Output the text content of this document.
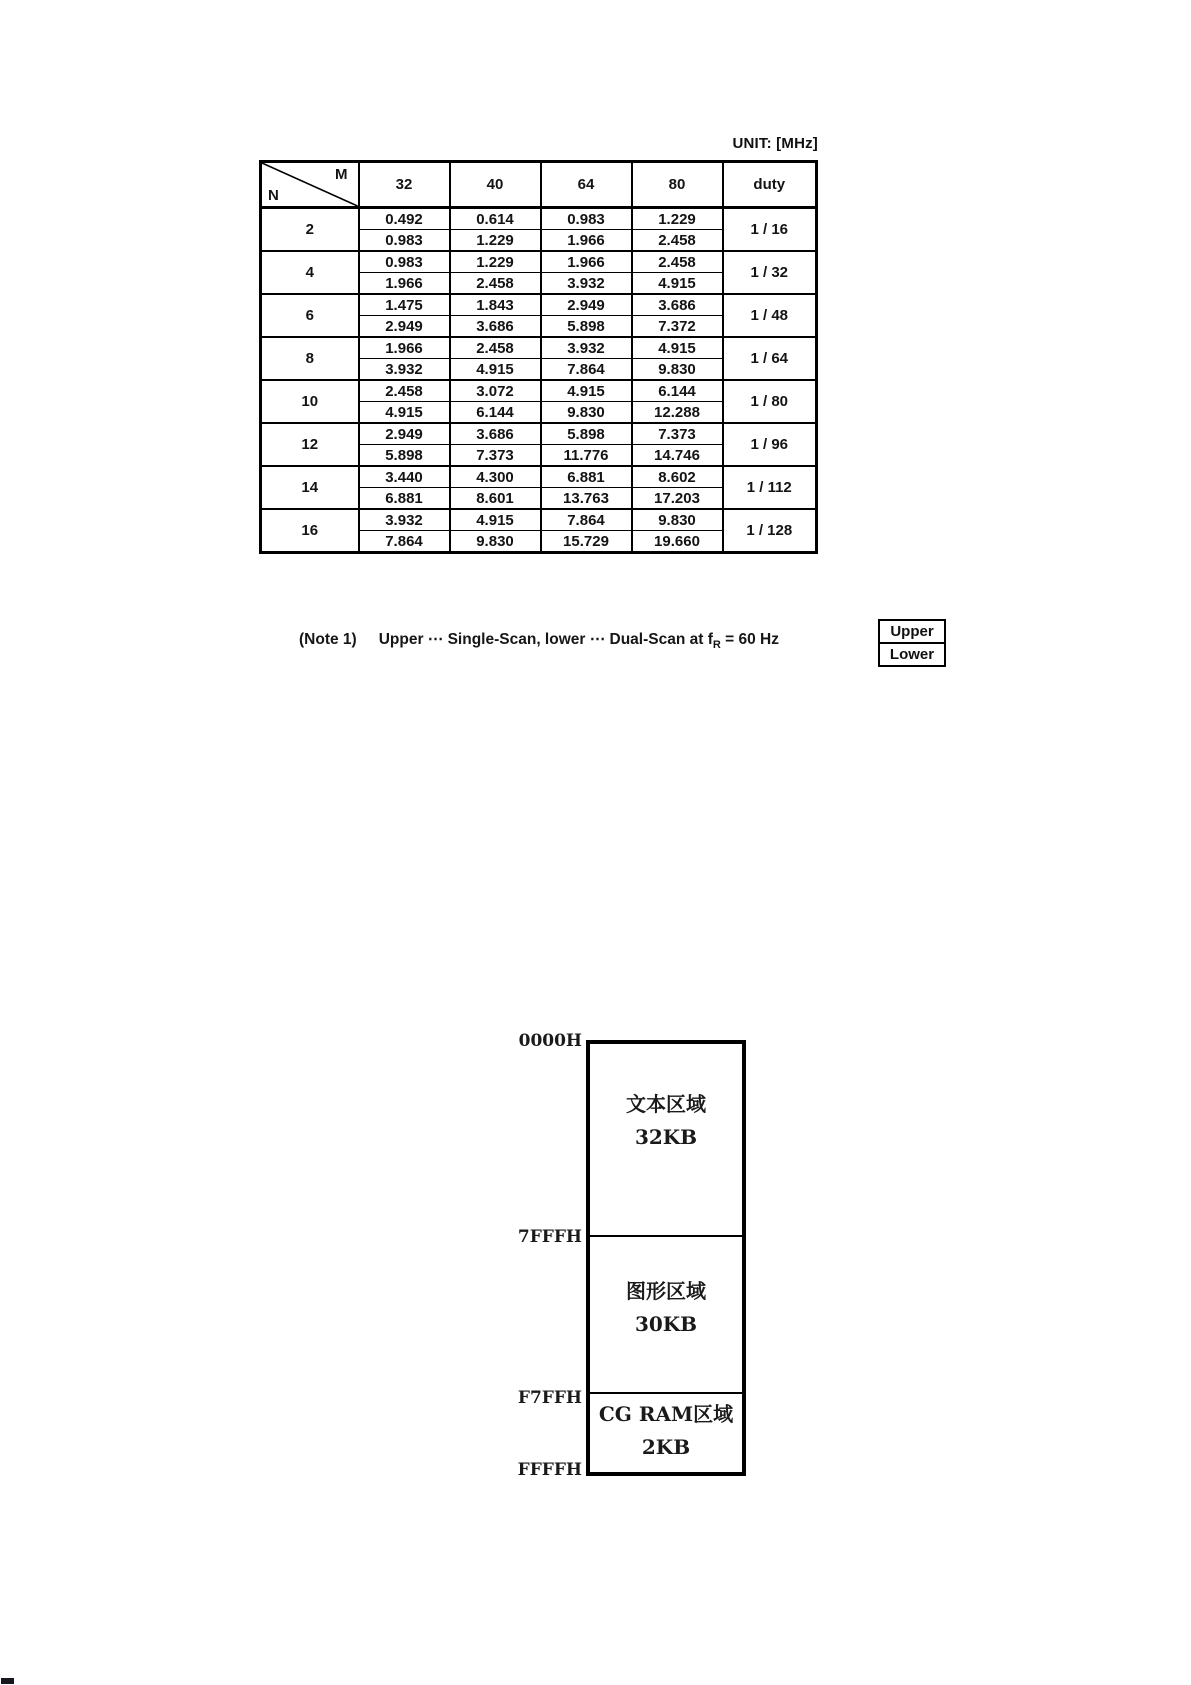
UNIT: [MHz]
M
N	32	40	64	80	duty
2	0.492	0.614	0.983	1.229	1 / 16
	0.983	1.229	1.966	2.458	
4	0.983	1.229	1.966	2.458	1 / 32
	1.966	2.458	3.932	4.915	
6	1.475	1.843	2.949	3.686	1 / 48
	2.949	3.686	5.898	7.372	
8	1.966	2.458	3.932	4.915	1 / 64
	3.932	4.915	7.864	9.830	
10	2.458	3.072	4.915	6.144	1 / 80
	4.915	6.144	9.830	12.288	
12	2.949	3.686	5.898	7.373	1 / 96
	5.898	7.373	11.776	14.746	
14	3.440	4.300	6.881	8.602	1 / 112
	6.881	8.601	13.763	17.203	
16	3.932	4.915	7.864	9.830	1 / 128
	7.864	9.830	15.729	19.660	
(Note 1) Upper ⋯ Single-Scan, lower ⋯ Dual-Scan at $f_R = 60$ Hz	Upper
Lower
0000H
7FFFH
F7FFH
FFFFH
文本区域
32KB
图形区域
30KB
CG RAM区域
2KB
